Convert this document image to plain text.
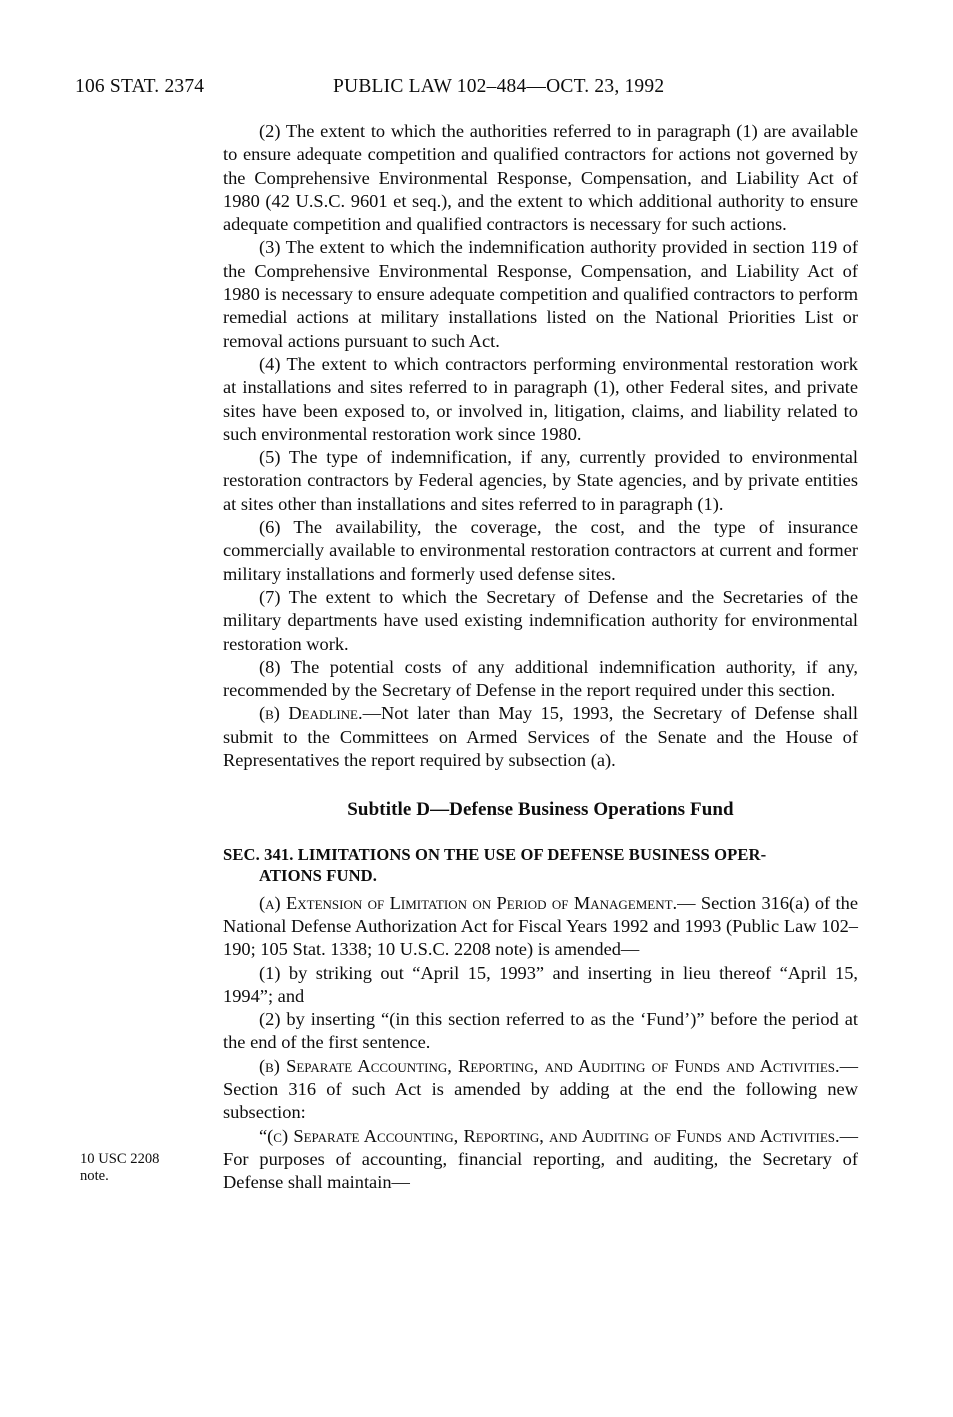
106 STAT. 2374	PUBLIC LAW 102–484—OCT. 23, 1992

(2) The extent to which the authorities referred to in paragraph (1) are available to ensure adequate competition and qualified contractors for actions not governed by the Comprehensive Environmental Response, Compensation, and Liability Act of 1980 (42 U.S.C. 9601 et seq.), and the extent to which additional authority to ensure adequate competition and qualified contractors is necessary for such actions.

(3) The extent to which the indemnification authority provided in section 119 of the Comprehensive Environmental Response, Compensation, and Liability Act of 1980 is necessary to ensure adequate competition and qualified contractors to perform remedial actions at military installations listed on the National Priorities List or removal actions pursuant to such Act.

(4) The extent to which contractors performing environmental restoration work at installations and sites referred to in paragraph (1), other Federal sites, and private sites have been exposed to, or involved in, litigation, claims, and liability related to such environmental restoration work since 1980.

(5) The type of indemnification, if any, currently provided to environmental restoration contractors by Federal agencies, by State agencies, and by private entities at sites other than installations and sites referred to in paragraph (1).

(6) The availability, the coverage, the cost, and the type of insurance commercially available to environmental restoration contractors at current and former military installations and formerly used defense sites.

(7) The extent to which the Secretary of Defense and the Secretaries of the military departments have used existing indemnification authority for environmental restoration work.

(8) The potential costs of any additional indemnification authority, if any, recommended by the Secretary of Defense in the report required under this section.

(b) Deadline.—Not later than May 15, 1993, the Secretary of Defense shall submit to the Committees on Armed Services of the Senate and the House of Representatives the report required by subsection (a).

Subtitle D—Defense Business Operations Fund

SEC. 341. LIMITATIONS ON THE USE OF DEFENSE BUSINESS OPER-
ATIONS FUND.

(a) Extension of Limitation on Period of Management.— Section 316(a) of the National Defense Authorization Act for Fiscal Years 1992 and 1993 (Public Law 102–190; 105 Stat. 1338; 10 U.S.C. 2208 note) is amended—

(1) by striking out “April 15, 1993” and inserting in lieu thereof “April 15, 1994”; and

(2) by inserting “(in this section referred to as the ‘Fund’)” before the period at the end of the first sentence.

(b) Separate Accounting, Reporting, and Auditing of Funds and Activities.—Section 316 of such Act is amended by adding at the end the following new subsection:

“(c) Separate Accounting, Reporting, and Auditing of Funds and Activities.—For purposes of accounting, financial reporting, and auditing, the Secretary of Defense shall maintain—

10 USC 2208
note.
